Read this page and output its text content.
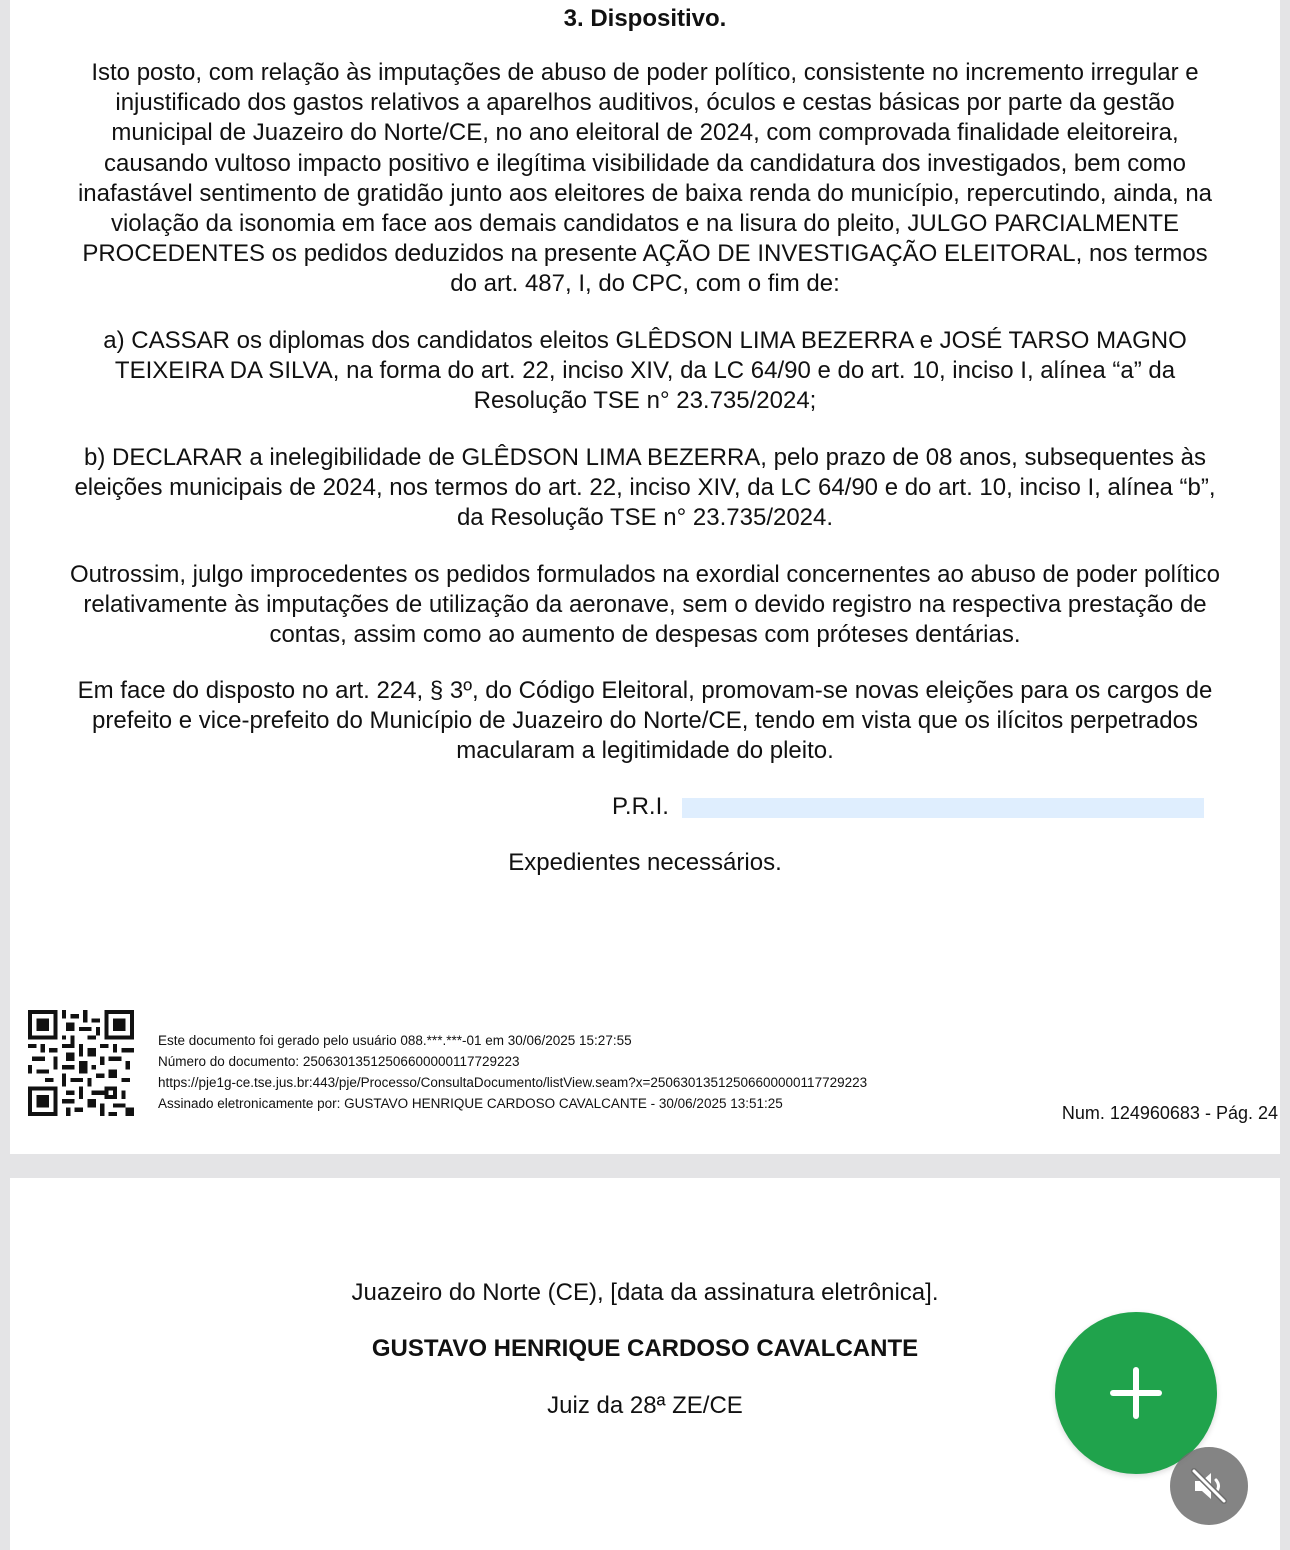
3. Dispositivo.

Isto posto, com relação às imputações de abuso de poder político, consistente no incremento irregular e injustificado dos gastos relativos a aparelhos auditivos, óculos e cestas básicas por parte da gestão municipal de Juazeiro do Norte/CE, no ano eleitoral de 2024, com comprovada finalidade eleitoreira, causando vultoso impacto positivo e ilegítima visibilidade da candidatura dos investigados, bem como inafastável sentimento de gratidão junto aos eleitores de baixa renda do município, repercutindo, ainda, na violação da isonomia em face aos demais candidatos e na lisura do pleito, JULGO PARCIALMENTE PROCEDENTES os pedidos deduzidos na presente AÇÃO DE INVESTIGAÇÃO ELEITORAL, nos termos do art. 487, I, do CPC, com o fim de:

a) CASSAR os diplomas dos candidatos eleitos GLÊDSON LIMA BEZERRA e JOSÉ TARSO MAGNO TEIXEIRA DA SILVA, na forma do art. 22, inciso XIV, da LC 64/90 e do art. 10, inciso I, alínea “a” da Resolução TSE n° 23.735/2024;

b) DECLARAR a inelegibilidade de GLÊDSON LIMA BEZERRA, pelo prazo de 08 anos, subsequentes às eleições municipais de 2024, nos termos do art. 22, inciso XIV, da LC 64/90 e do art. 10, inciso I, alínea “b”, da Resolução TSE n° 23.735/2024.

Outrossim, julgo improcedentes os pedidos formulados na exordial concernentes ao abuso de poder político relativamente às imputações de utilização da aeronave, sem o devido registro na respectiva prestação de contas, assim como ao aumento de despesas com próteses dentárias.

Em face do disposto no art. 224, § 3º, do Código Eleitoral, promovam-se novas eleições para os cargos de prefeito e vice-prefeito do Município de Juazeiro do Norte/CE, tendo em vista que os ilícitos perpetrados macularam a legitimidade do pleito.

P.R.I.
Expedientes necessários.
Este documento foi gerado pelo usuário 088.***.***-01 em 30/06/2025 15:27:55
Número do documento: 25063013512506600000117729223
https://pje1g-ce.tse.jus.br:443/pje/Processo/ConsultaDocumento/listView.seam?x=25063013512506600000117729223
Assinado eletronicamente por: GUSTAVO HENRIQUE CARDOSO CAVALCANTE - 30/06/2025 13:51:25	Num. 124960683 - Pág. 24
Juazeiro do Norte (CE), [data da assinatura eletrônica].
GUSTAVO HENRIQUE CARDOSO CAVALCANTE
Juiz da 28ª ZE/CE
